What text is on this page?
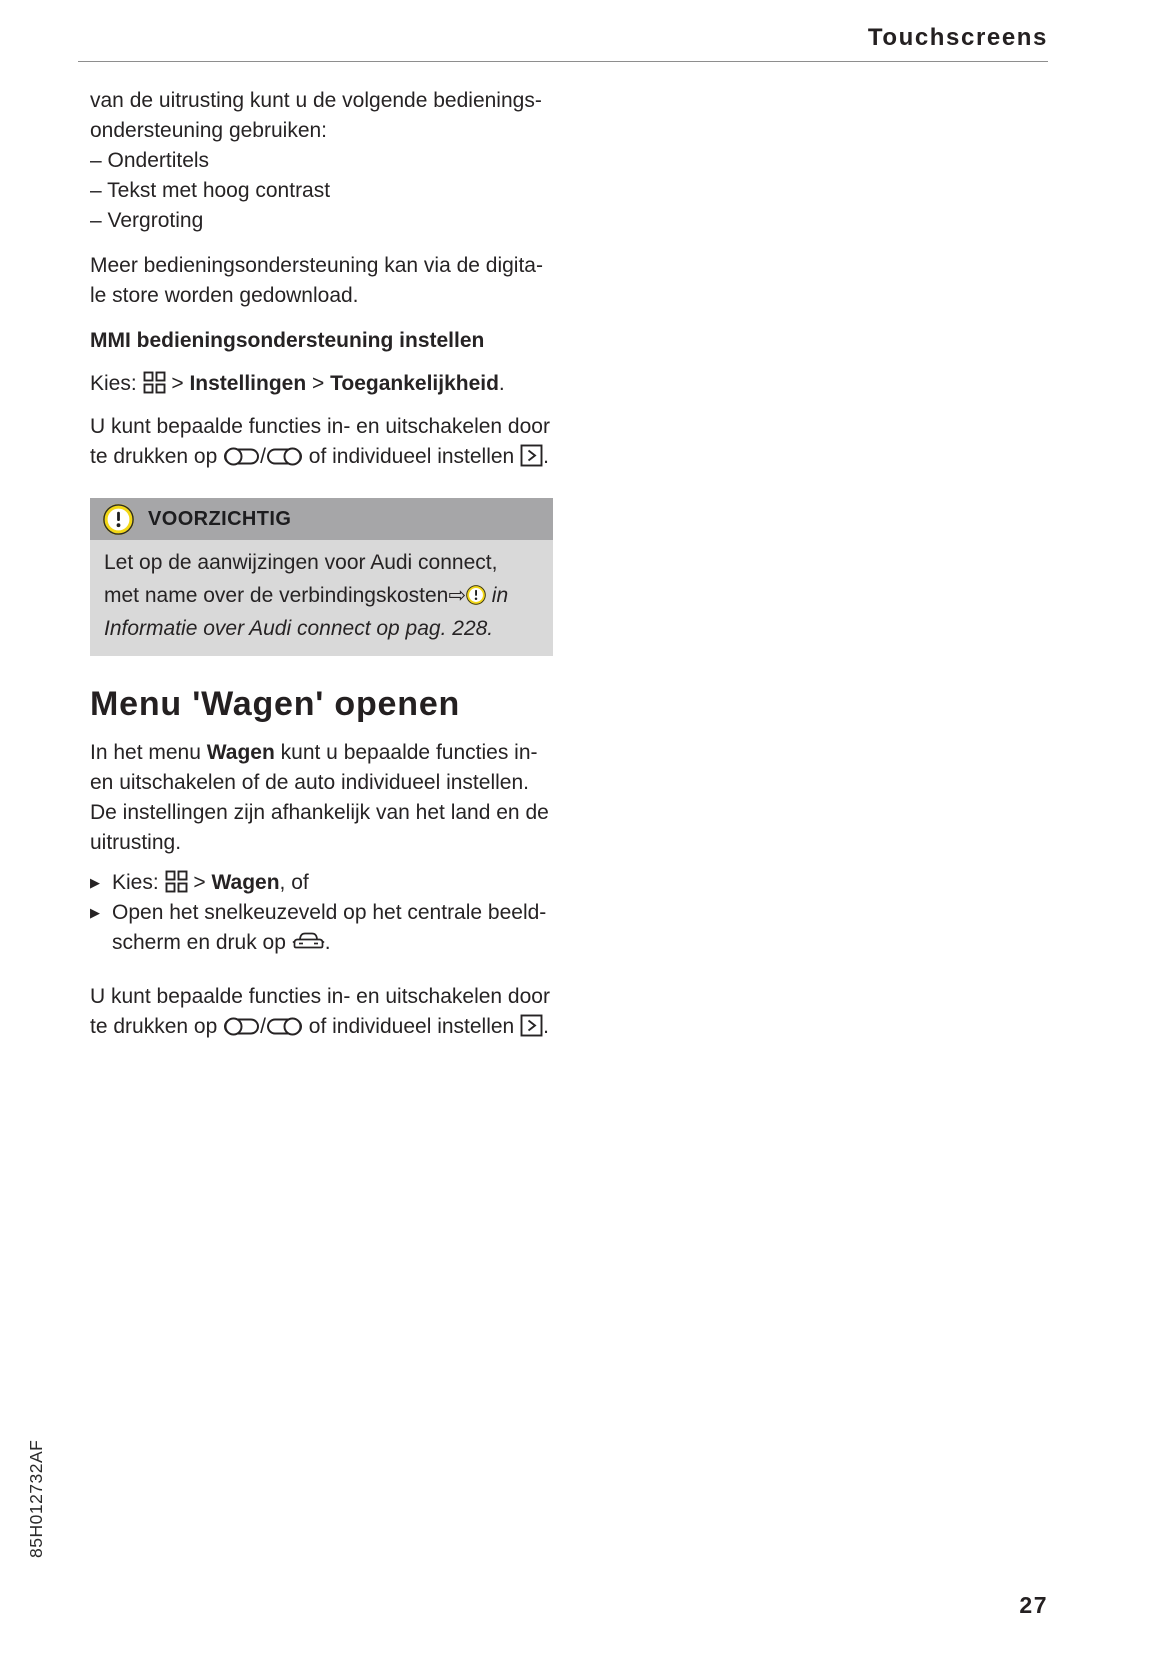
Touchscreens
van de uitrusting kunt u de volgende bedienings-
ondersteuning gebruiken:
– Ondertitels
– Tekst met hoog contrast
– Vergroting
Meer bedieningsondersteuning kan via de digita-
le store worden gedownload.
MMI bedieningsondersteuning instellen
Kies:
> Instellingen > Toegankelijkheid.
U kunt bepaalde functies in- en uitschakelen door
te drukken op
/
of individueel instellen
.
VOORZICHTIG
Let op de aanwijzingen voor Audi connect,
met name over de verbindingskosten⇨
in
Informatie over Audi connect op pag. 228.
Menu 'Wagen' openen
In het menu Wagen kunt u bepaalde functies in-
en uitschakelen of de auto individueel instellen.
De instellingen zijn afhankelijk van het land en de
uitrusting.
▶ Kies:
> Wagen, of
▶ Open het snelkeuzeveld op het centrale beeld-
scherm en druk op
.
U kunt bepaalde functies in- en uitschakelen door
te drukken op
/
of individueel instellen
.
85H012732AF
27
